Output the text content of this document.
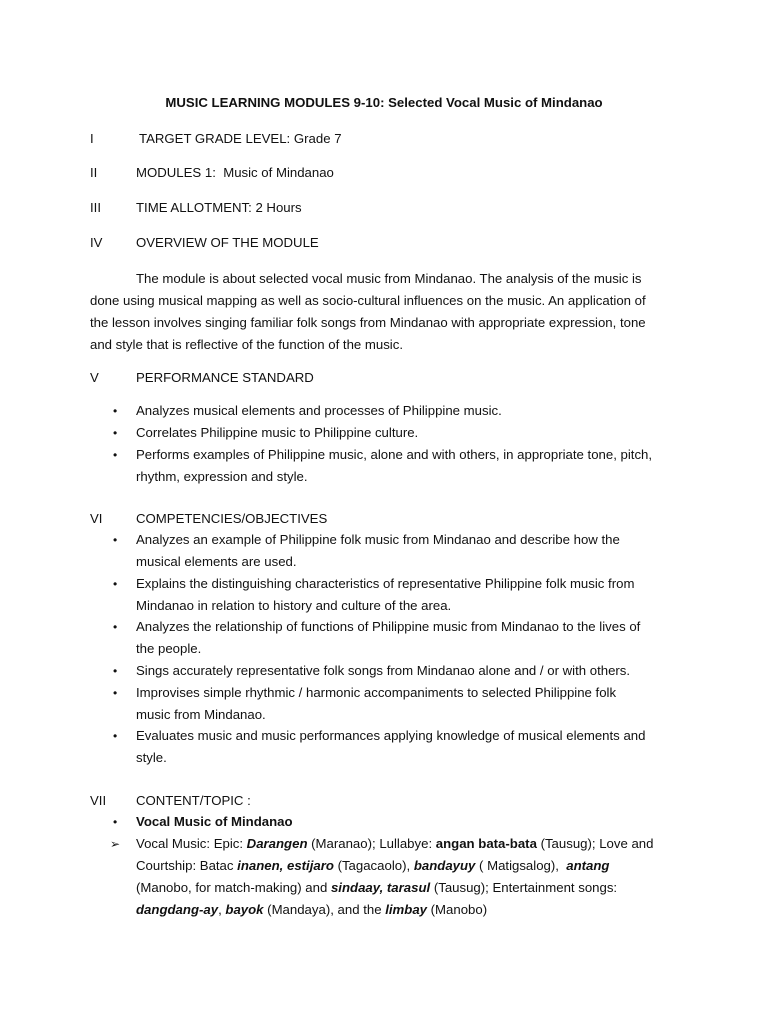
MUSIC LEARNING MODULES 9-10: Selected Vocal Music of Mindanao
I	TARGET GRADE LEVEL: Grade 7
II	MODULES 1:  Music of Mindanao
III	TIME ALLOTMENT: 2 Hours
IV	OVERVIEW OF THE MODULE
The module is about selected vocal music from Mindanao. The analysis of the music is
done using musical mapping as well as socio-cultural influences on the music. An application of
the lesson involves singing familiar folk songs from Mindanao with appropriate expression, tone
and style that is reflective of the function of the music.
V	PERFORMANCE STANDARD
• Analyzes musical elements and processes of Philippine music.
• Correlates Philippine music to Philippine culture.
• Performs examples of Philippine music, alone and with others, in appropriate tone, pitch,
rhythm, expression and style.
VI	COMPETENCIES/OBJECTIVES
• Analyzes an example of Philippine folk music from Mindanao and describe how the
musical elements are used.
• Explains the distinguishing characteristics of representative Philippine folk music from
Mindanao in relation to history and culture of the area.
• Analyzes the relationship of functions of Philippine music from Mindanao to the lives of
the people.
• Sings accurately representative folk songs from Mindanao alone and / or with others.
• Improvises simple rhythmic / harmonic accompaniments to selected Philippine folk
music from Mindanao.
• Evaluates music and music performances applying knowledge of musical elements and
style.
VII CONTENT/TOPIC :
• Vocal Music of Mindanao
➢ Vocal Music: Epic: Darangen (Maranao); Lullabye: angan bata-bata (Tausug); Love and
Courtship: Batac inanen, estijaro (Tagacaolo), bandayuy ( Matigsalog),  antang
(Manobo, for match-making) and sindaay, tarasul (Tausug); Entertainment songs:
dangdang-ay, bayok (Mandaya), and the limbay (Manobo)
